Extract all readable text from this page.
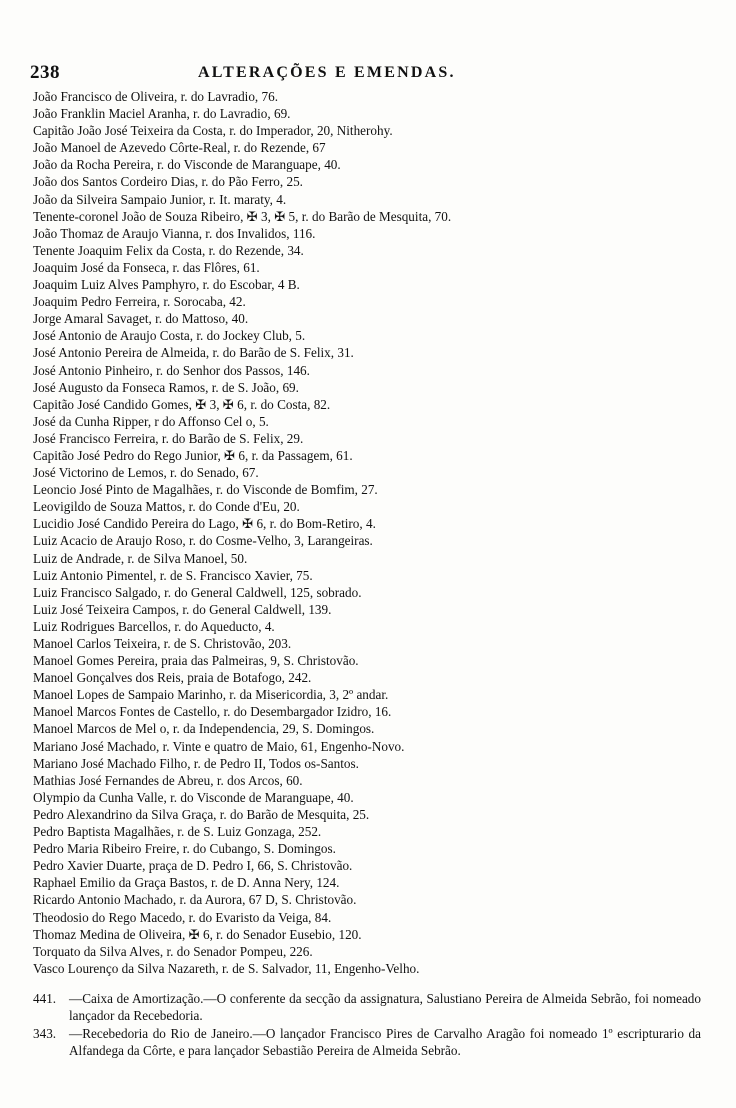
238	ALTERAÇÕES E EMENDAS.
João Francisco de Oliveira, r. do Lavradio, 76.
João Franklin Maciel Aranha, r. do Lavradio, 69.
Capitão João José Teixeira da Costa, r. do Imperador, 20, Nitherohy.
João Manoel de Azevedo Côrte-Real, r. do Rezende, 67
João da Rocha Pereira, r. do Visconde de Maranguape, 40.
João dos Santos Cordeiro Dias, r. do Pão Ferro, 25.
João da Silveira Sampaio Junior, r. It. maraty, 4.
Tenente-coronel João de Souza Ribeiro, ✠ 3, ✠ 5, r. do Barão de Mesquita, 70.
João Thomaz de Araujo Vianna, r. dos Invalidos, 116.
Tenente Joaquim Felix da Costa, r. do Rezende, 34.
Joaquim José da Fonseca, r. das Flôres, 61.
Joaquim Luiz Alves Pamphyro, r. do Escobar, 4 B.
Joaquim Pedro Ferreira, r. Sorocaba, 42.
Jorge Amaral Savaget, r. do Mattoso, 40.
José Antonio de Araujo Costa, r. do Jockey Club, 5.
José Antonio Pereira de Almeida, r. do Barão de S. Felix, 31.
José Antonio Pinheiro, r. do Senhor dos Passos, 146.
José Augusto da Fonseca Ramos, r. de S. João, 69.
Capitão José Candido Gomes, ✠ 3, ✠ 6, r. do Costa, 82.
José da Cunha Ripper, r do Affonso Cel o, 5.
José Francisco Ferreira, r. do Barão de S. Felix, 29.
Capitão José Pedro do Rego Junior, ✠ 6, r. da Passagem, 61.
José Victorino de Lemos, r. do Senado, 67.
Leoncio José Pinto de Magalhães, r. do Visconde de Bomfim, 27.
Leovigildo de Souza Mattos, r. do Conde d'Eu, 20.
Lucidio José Candido Pereira do Lago, ✠ 6, r. do Bom-Retiro, 4.
Luiz Acacio de Araujo Roso, r. do Cosme-Velho, 3, Larangeiras.
Luiz de Andrade, r. de Silva Manoel, 50.
Luiz Antonio Pimentel, r. de S. Francisco Xavier, 75.
Luiz Francisco Salgado, r. do General Caldwell, 125, sobrado.
Luiz José Teixeira Campos, r. do General Caldwell, 139.
Luiz Rodrigues Barcellos, r. do Aqueducto, 4.
Manoel Carlos Teixeira, r. de S. Christovão, 203.
Manoel Gomes Pereira, praia das Palmeiras, 9, S. Christovão.
Manoel Gonçalves dos Reis, praia de Botafogo, 242.
Manoel Lopes de Sampaio Marinho, r. da Misericordia, 3, 2º andar.
Manoel Marcos Fontes de Castello, r. do Desembargador Izidro, 16.
Manoel Marcos de Mel o, r. da Independencia, 29, S. Domingos.
Mariano José Machado, r. Vinte e quatro de Maio, 61, Engenho-Novo.
Mariano José Machado Filho, r. de Pedro II, Todos os-Santos.
Mathias José Fernandes de Abreu, r. dos Arcos, 60.
Olympio da Cunha Valle, r. do Visconde de Maranguape, 40.
Pedro Alexandrino da Silva Graça, r. do Barão de Mesquita, 25.
Pedro Baptista Magalhães, r. de S. Luiz Gonzaga, 252.
Pedro Maria Ribeiro Freire, r. do Cubango, S. Domingos.
Pedro Xavier Duarte, praça de D. Pedro I, 66, S. Christovão.
Raphael Emilio da Graça Bastos, r. de D. Anna Nery, 124.
Ricardo Antonio Machado, r. da Aurora, 67 D, S. Christovão.
Theodosio do Rego Macedo, r. do Evaristo da Veiga, 84.
Thomaz Medina de Oliveira, ✠ 6, r. do Senador Eusebio, 120.
Torquato da Silva Alves, r. do Senador Pompeu, 226.
Vasco Lourenço da Silva Nazareth, r. de S. Salvador, 11, Engenho-Velho.

441. —Caixa de Amortização.—O conferente da secção da assignatura, Salustiano Pereira de Almeida Sebrão, foi nomeado lançador da Recebedoria.

343. —Recebedoria do Rio de Janeiro.—O lançador Francisco Pires de Carvalho Aragão foi nomeado 1º escripturario da Alfandega da Côrte, e para lançador Sebastião Pereira de Almeida Sebrão.
